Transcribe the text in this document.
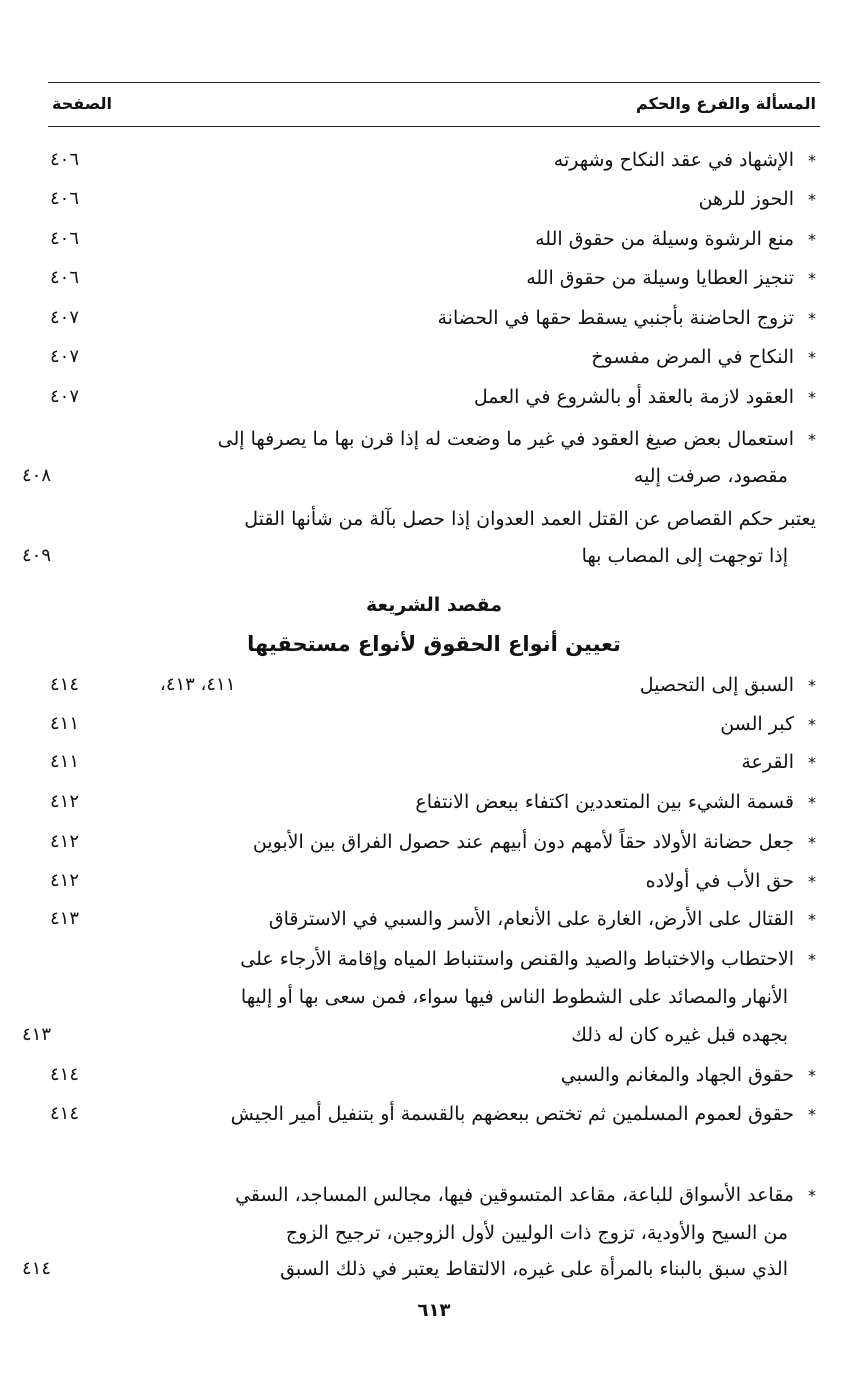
المسألة والفرع والحكم
الصفحة
*الإشهاد في عقد النكاح وشهرته
٤٠٦
*الحوز للرهن
٤٠٦
*منع الرشوة وسيلة من حقوق الله
٤٠٦
*تنجيز العطايا وسيلة من حقوق الله
٤٠٦
*تزوج الحاضنة بأجنبي يسقط حقها في الحضانة
٤٠٧
*النكاح في المرض مفسوخ
٤٠٧
*العقود لازمة بالعقد أو بالشروع في العمل
٤٠٧
*استعمال بعض صيغ العقود في غير ما وضعت له إذا قرن بها ما يصرفها إلى
مقصود، صرفت إليه
٤٠٨
يعتبر حكم القصاص عن القتل العمد العدوان إذا حصل بآلة من شأنها القتل
إذا توجهت إلى المصاب بها
٤٠٩
مقصد الشريعة
تعيين أنواع الحقوق لأنواع مستحقيها
*السبق إلى التحصيل
٤١١، ٤١٣،
٤١٤
*كبر السن
٤١١
*القرعة
٤١١
*قسمة الشيء بين المتعددين اكتفاء ببعض الانتفاع
٤١٢
*جعل حضانة الأولاد حقاً لأمهم دون أبيهم عند حصول الفراق بين الأبوين
٤١٢
*حق الأب في أولاده
٤١٢
*القتال على الأرض، الغارة على الأنعام، الأسر والسبي في الاسترقاق
٤١٣
*الاحتطاب والاختباط والصيد والقنص واستنباط المياه وإقامة الأرجاء على
الأنهار والمصائد على الشطوط الناس فيها سواء، فمن سعى بها أو إليها
بجهده قبل غيره كان له ذلك
٤١٣
*حقوق الجهاد والمغانم والسبي
٤١٤
*حقوق لعموم المسلمين ثم تختص ببعضهم بالقسمة أو بتنفيل أمير الجيش
٤١٤
*مقاعد الأسواق للباعة، مقاعد المتسوقين فيها، مجالس المساجد، السقي
من السيح والأودية، تزوج ذات الوليين لأول الزوجين، ترجيح الزوج
الذي سبق بالبناء بالمرأة على غيره، الالتقاط يعتبر في ذلك السبق
٤١٤
٦١٣
